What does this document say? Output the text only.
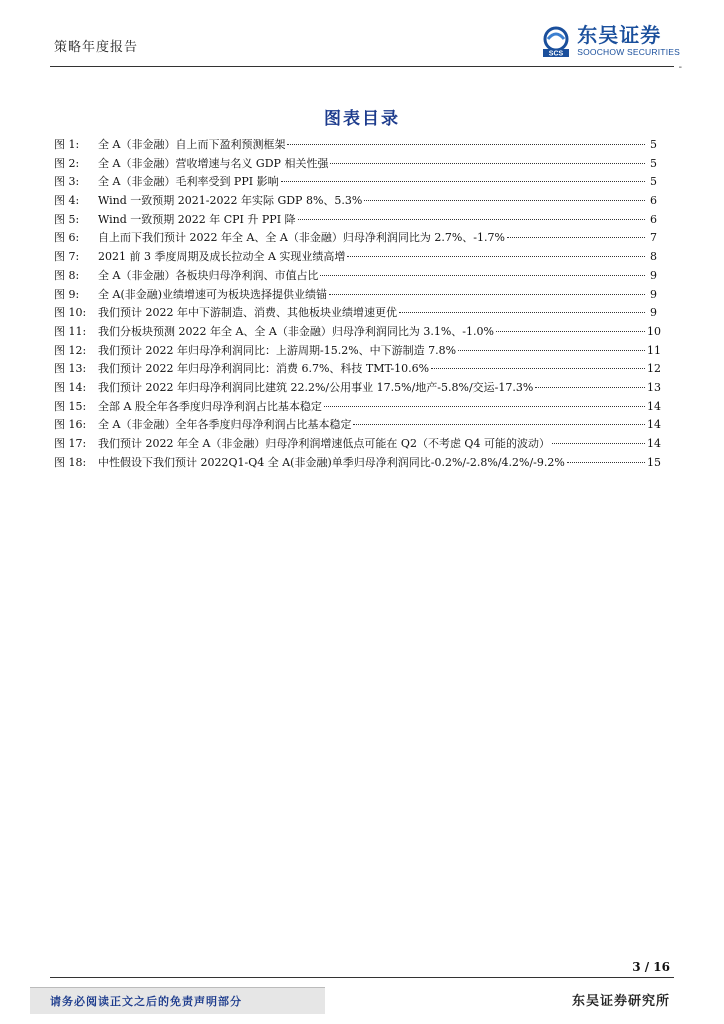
策略年度报告	SCS
东吴证券
SOOCHOW SECURITIES
-
图表目录
图 1:	全 A（非金融）自上而下盈利预测框架	5
图 2:	全 A（非金融）营收增速与名义 GDP 相关性强	5
图 3:	全 A（非金融）毛利率受到 PPI 影响	5
图 4:	Wind 一致预期 2021-2022 年实际 GDP 8%、5.3%	6
图 5:	Wind 一致预期 2022 年 CPI 升 PPI 降	6
图 6:	自上而下我们预计 2022 年全 A、全 A（非金融）归母净利润同比为 2.7%、-1.7%	7
图 7:	2021 前 3 季度周期及成长拉动全 A 实现业绩高增	8
图 8:	全 A（非金融）各板块归母净利润、市值占比	9
图 9:	全 A(非金融)业绩增速可为板块选择提供业绩锚	9
图 10:	我们预计 2022 年中下游制造、消费、其他板块业绩增速更优	9
图 11:	我们分板块预测 2022 年全 A、全 A（非金融）归母净利润同比为 3.1%、-1.0%	10
图 12:	我们预计 2022 年归母净利润同比：上游周期-15.2%、中下游制造 7.8%	11
图 13:	我们预计 2022 年归母净利润同比：消费 6.7%、科技 TMT-10.6%	12
图 14:	我们预计 2022 年归母净利润同比建筑 22.2%/公用事业 17.5%/地产-5.8%/交运-17.3%	13
图 15:	全部 A 股全年各季度归母净利润占比基本稳定	14
图 16:	全 A（非金融）全年各季度归母净利润占比基本稳定	14
图 17:	我们预计 2022 年全 A（非金融）归母净利润增速低点可能在 Q2（不考虑 Q4 可能的波动）	14
图 18:	中性假设下我们预计 2022Q1-Q4 全 A(非金融)单季归母净利润同比-0.2%/-2.8%/4.2%/-9.2%	15
3 / 16
请务必阅读正文之后的免责声明部分	东吴证券研究所
